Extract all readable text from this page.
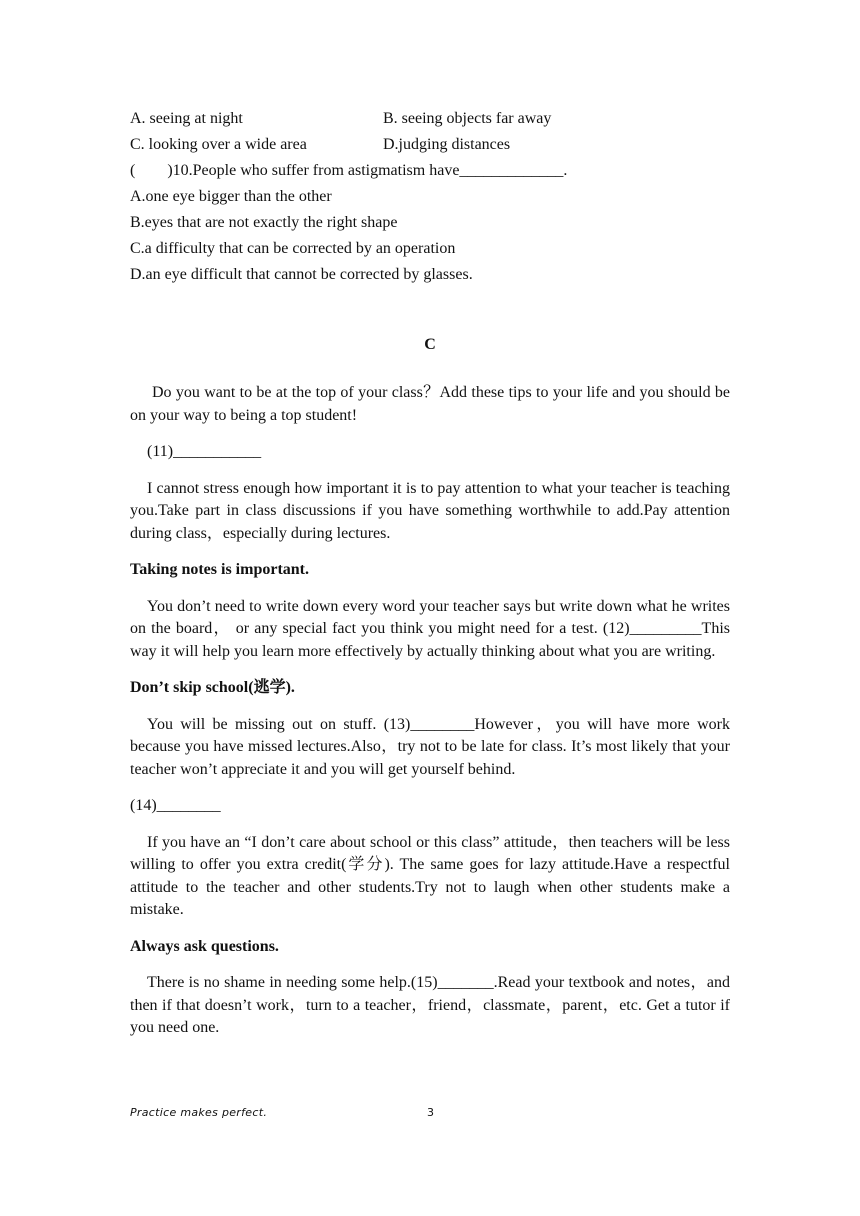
A. seeing at night	B. seeing objects far away
C. looking over a wide area	D.judging distances
(        )10.People who suffer from astigmatism have_____________.
A.one eye bigger than the other
B.eyes that are not exactly the right shape
C.a difficulty that can be corrected by an operation
D.an eye difficult that cannot be corrected by glasses.
C

Do you want to be at the top of your class？Add these tips to your life and you should be on your way to being a top student!

(11)___________

I cannot stress enough how important it is to pay attention to what your teacher is teaching you.Take part in class discussions if you have something worthwhile to add.Pay attention during class，especially during lectures.

Taking notes is important.

You don’t need to write down every word your teacher says but write down what he writes on the board， or any special fact you think you might need for a test. (12)_________This way it will help you learn more effectively by actually thinking about what you are writing.

Don’t skip school(逃学).

You will be missing out on stuff. (13)________However，you will have more work because you have missed lectures.Also，try not to be late for class. It’s most likely that your teacher won’t appreciate it and you will get yourself behind.

(14)________

If you have an “I don’t care about school or this class” attitude，then teachers will be less willing to offer you extra credit(学分). The same goes for lazy attitude.Have a respectful attitude to the teacher and other students.Try not to laugh when other students make a mistake.

Always ask questions.

There is no shame in needing some help.(15)_______.Read your textbook and notes，and then if that doesn’t work，turn to a teacher，friend，classmate，parent，etc. Get a tutor if you need one.

Practice makes perfect.	3
